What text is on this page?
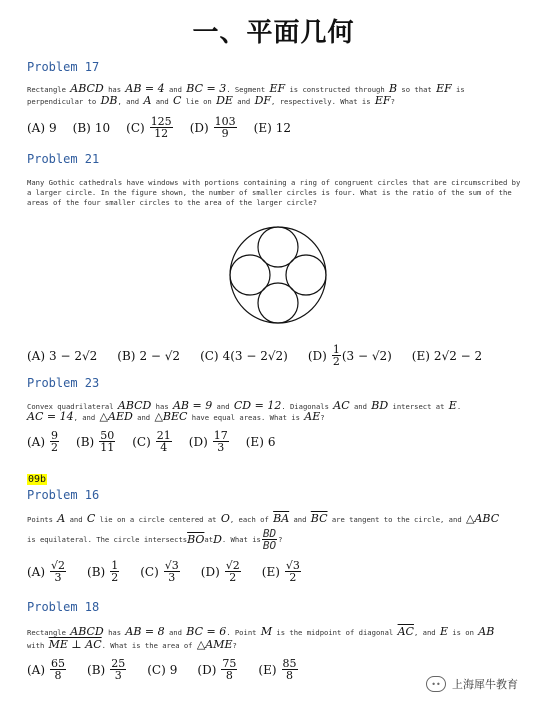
一、平面几何
Problem 17
Rectangle ABCD has AB = 4 and BC = 3. Segment EF is constructed through B so that EF is
perpendicular to DB, and A and C lie on DE and DF, respectively. What is EF?
(A) 9 (B) 10 $(C) \frac{125}{12} (D) \frac{103}{9} (E)$ 12
Problem 21
Many Gothic cathedrals have windows with portions containing a ring of congruent circles that are circumscribed by
a larger circle. In the figure shown, the number of smaller circles is four. What is the ratio of the sum of the
areas of the four smaller circles to the area of the larger circle?
(A) 3 − 2√2 (B) 2 − √2 (C) 4(3 − 2√2) $(D) \frac{1}{2} (3 - √2)$ (E) 2√2 − 2
Problem 23
Convex quadrilateral ABCD has AB = 9 and CD = 12. Diagonals AC and BD intersect at E.
AC = 14, and △AED and △BEC have equal areas. What is AE?
$(A) \frac{9}{2} (B) \frac{50}{11} (C) \frac{21}{4} (D) \frac{17}{3} (E)$ 6
09b
Problem 16
Points A and C lie on a circle centered at O, each of $\overline{BA}$ and $\overline{BC}$ are tangent to the circle, and △ABC
is equilateral. The circle intersects $\overline{BO}$ at D . What is $\frac{BD}{BO}$ ?
$(A) \frac{√2}{3} (B) \frac{1}{2} (C) \frac{√3}{3} (D) \frac{√2}{2} (E) \frac{√3}{2}$
Problem 18
Rectangle ABCD has AB = 8 and BC = 6. Point M is the midpoint of diagonal $\overline{AC}$, and E is on AB
with ME ⊥ AC. What is the area of △AME?
$(A) \frac{65}{8} (B) \frac{25}{3} (C)$ 9 $(D) \frac{75}{8} (E) \frac{85}{8}$
••	上海犀牛教育
